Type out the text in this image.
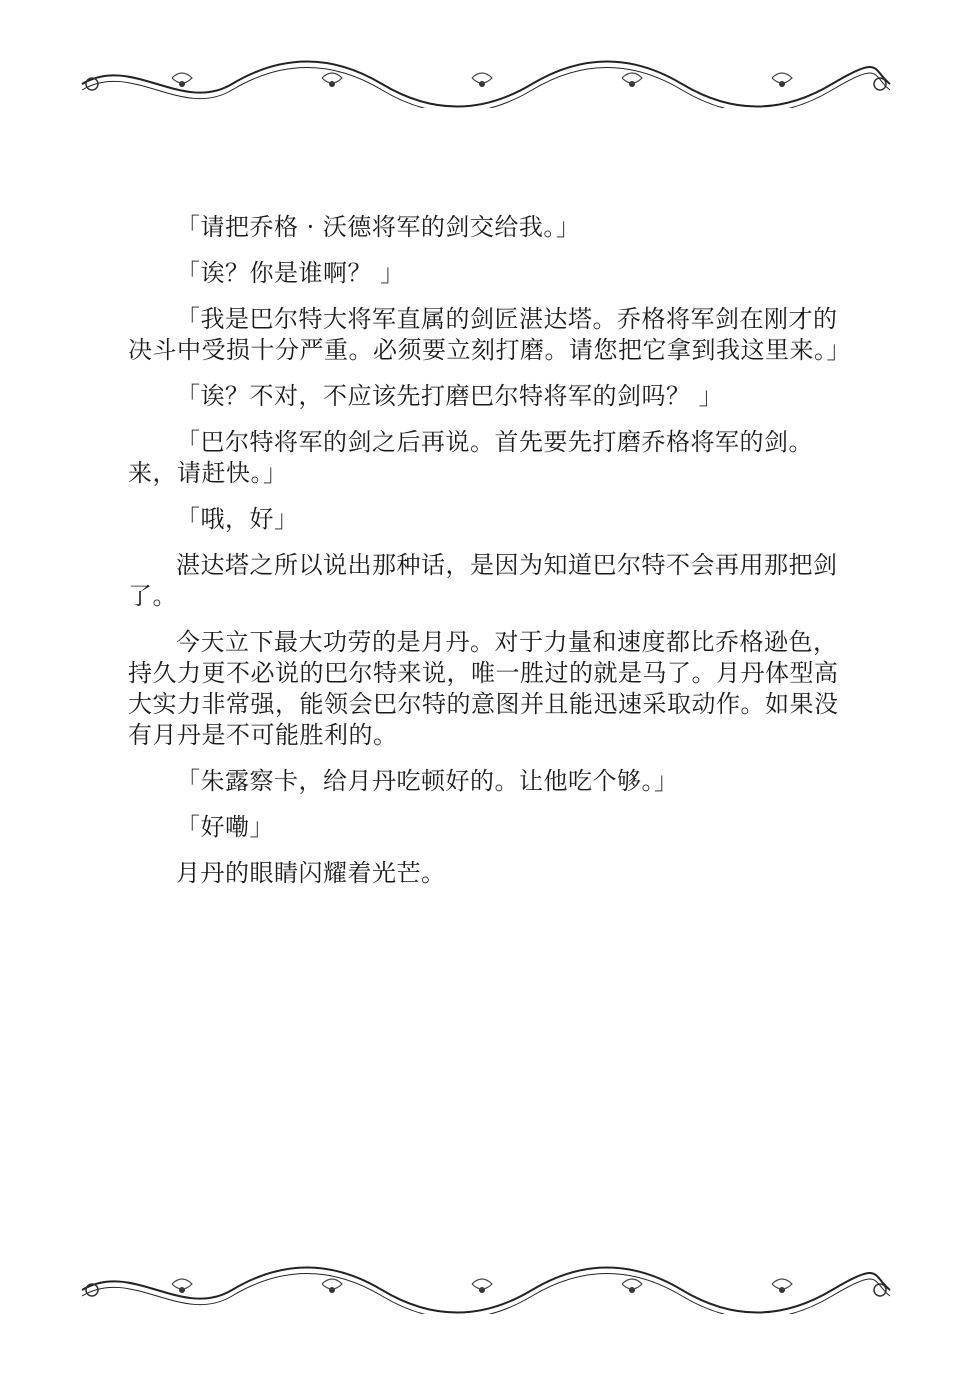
「请把乔格 · 沃德将军的剑交给我。」

「诶？你是谁啊？ 」

「我是巴尔特大将军直属的剑匠湛达塔。乔格将军剑在刚才的决斗中受损十分严重。必须要立刻打磨。请您把它拿到我这里来。」

「诶？不对，不应该先打磨巴尔特将军的剑吗？ 」

「巴尔特将军的剑之后再说。首先要先打磨乔格将军的剑。来，请赶快。」

「哦，好」

湛达塔之所以说出那种话，是因为知道巴尔特不会再用那把剑了。

今天立下最大功劳的是月丹。对于力量和速度都比乔格逊色，持久力更不必说的巴尔特来说，唯一胜过的就是马了。月丹体型高大实力非常强，能领会巴尔特的意图并且能迅速采取动作。如果没有月丹是不可能胜利的。

「朱露察卡，给月丹吃顿好的。让他吃个够。」

「好嘞」

月丹的眼睛闪耀着光芒。
